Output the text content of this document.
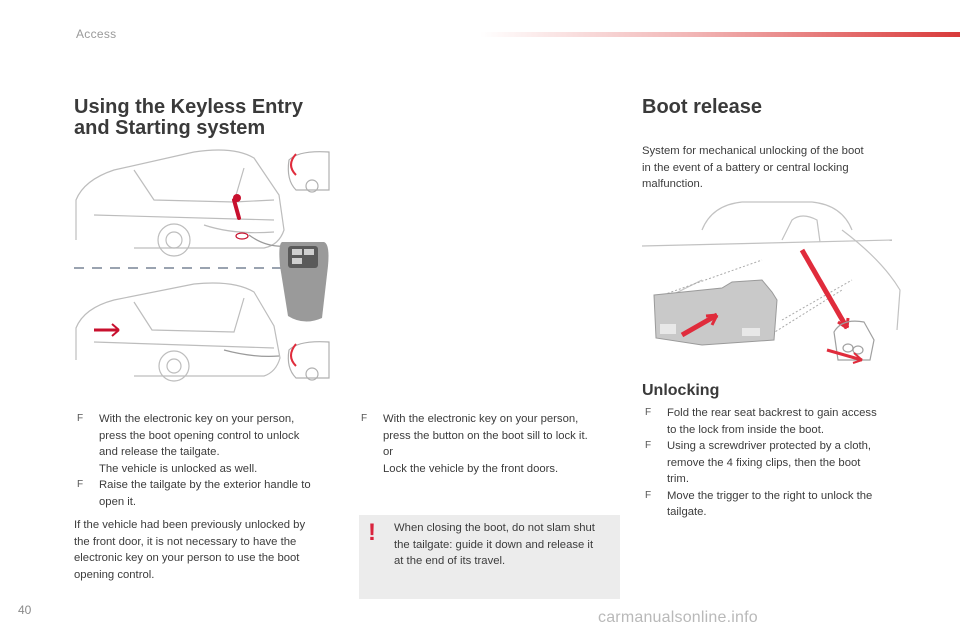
Access
Using the Keyless Entry
and Starting system
Boot release
System for mechanical unlocking of the boot
in the event of a battery or central locking
malfunction.
Unlocking
F With the electronic key on your person,
press the boot opening control to unlock
and release the tailgate.
The vehicle is unlocked as well.
F Raise the tailgate by the exterior handle to
open it.
If the vehicle had been previously unlocked by
the front door, it is not necessary to have the
electronic key on your person to use the boot
opening control.
F With the electronic key on your person,
press the button on the boot sill to lock it.
or
Lock the vehicle by the front doors.
! When closing the boot, do not slam shut
the tailgate: guide it down and release it
at the end of its travel.
F Fold the rear seat backrest to gain access
to the lock from inside the boot.
F Using a screwdriver protected by a cloth,
remove the 4 fixing clips, then the boot
trim.
F Move the trigger to the right to unlock the
tailgate.
40	carmanualsonline.info
